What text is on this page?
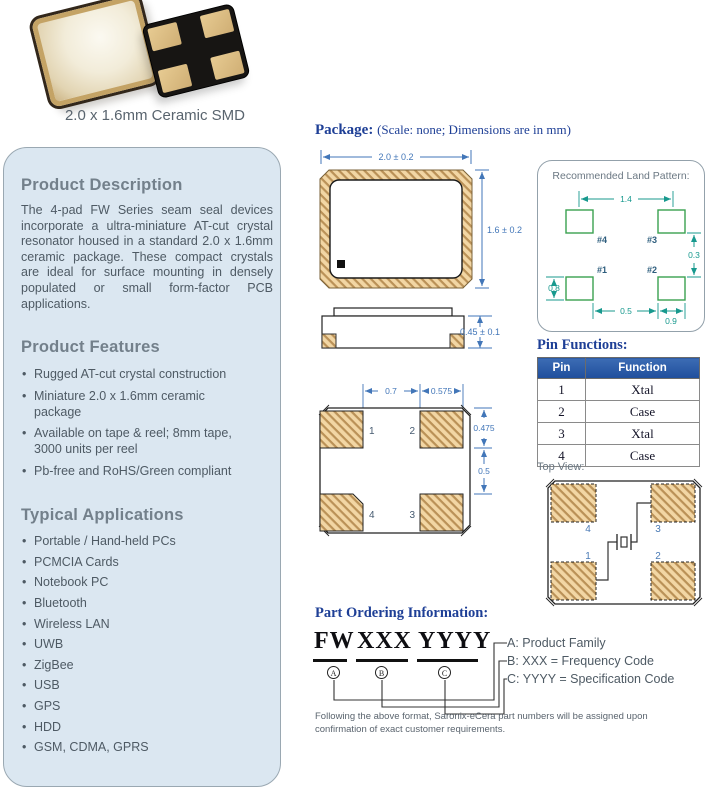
2.0 x 1.6mm Ceramic SMD
Product Description

The 4-pad FW Series seam seal devices incorporate a ultra-miniature AT-cut crystal resonator housed in a standard 2.0 x 1.6mm ceramic package. These compact crystals are ideal for surface mounting in densely populated or small form-factor PCB applications.

Product Features
• Rugged AT-cut crystal construction
• Miniature 2.0 x 1.6mm ceramic package
• Available on tape & reel; 8mm tape, 3000 units per reel
• Pb-free and RoHS/Green compliant
Typical Applications
• Portable / Hand-held PCs
• PCMCIA Cards
• Notebook PC
• Bluetooth
• Wireless LAN
• UWB
• ZigBee
• USB
• GPS
• HDD
• GSM, CDMA, GPRS
Package: (Scale: none; Dimensions are in mm)
2.0 ± 0.2
1.6 ± 0.2
0.45 ± 0.1
0.7	0.575
1	2
4	3
0.475
0.5
Recommended Land Pattern:
1.4
#4	#3
#1	#2
0.3
0.8
0.5
0.9
Pin Functions:
Pin	Function
1	Xtal
2	Case
3	Xtal
4	Case
Top View:
4	3
1	2
Part Ordering Information:
FW XXX YYYY
A	B	C
A: Product Family
B: XXX = Frequency Code
C: YYYY = Specification Code
Following the above format, Saronix-eCera part numbers will be assigned upon
confirmation of exact customer requirements.
